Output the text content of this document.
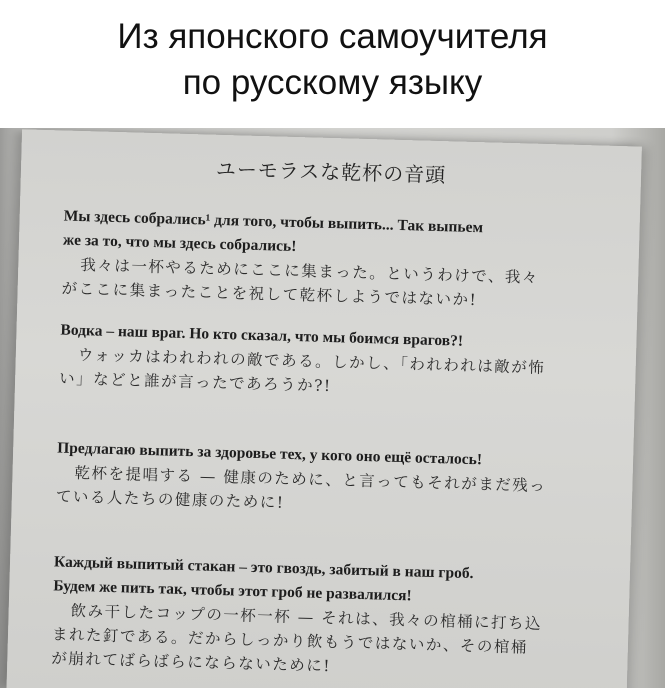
Из японского самоучителя
по русскому языку
ユーモラスな乾杯の音頭
Мы здесь собрались¹ для того, чтобы выпить... Так выпьем
же за то, что мы здесь собрались!
我々は一杯やるためにここに集まった。というわけで、我々
がここに集まったことを祝して乾杯しようではないか!
Водка – наш враг. Но кто сказал, что мы боимся врагов?!
ウォッカはわれわれの敵である。しかし、「われわれは敵が怖
い」などと誰が言ったであろうか?!
Предлагаю выпить за здоровье тех, у кого оно ещё осталось!
乾杯を提唱する — 健康のために、と言ってもそれがまだ残っ
ている人たちの健康のために!
Каждый выпитый стакан – это гвоздь, забитый в наш гроб.
Будем же пить так, чтобы этот гроб не развалился!
飲み干したコップの一杯一杯 — それは、我々の棺桶に打ち込
まれた釘である。だからしっかり飲もうではないか、その棺桶
が崩れてばらばらにならないために!
